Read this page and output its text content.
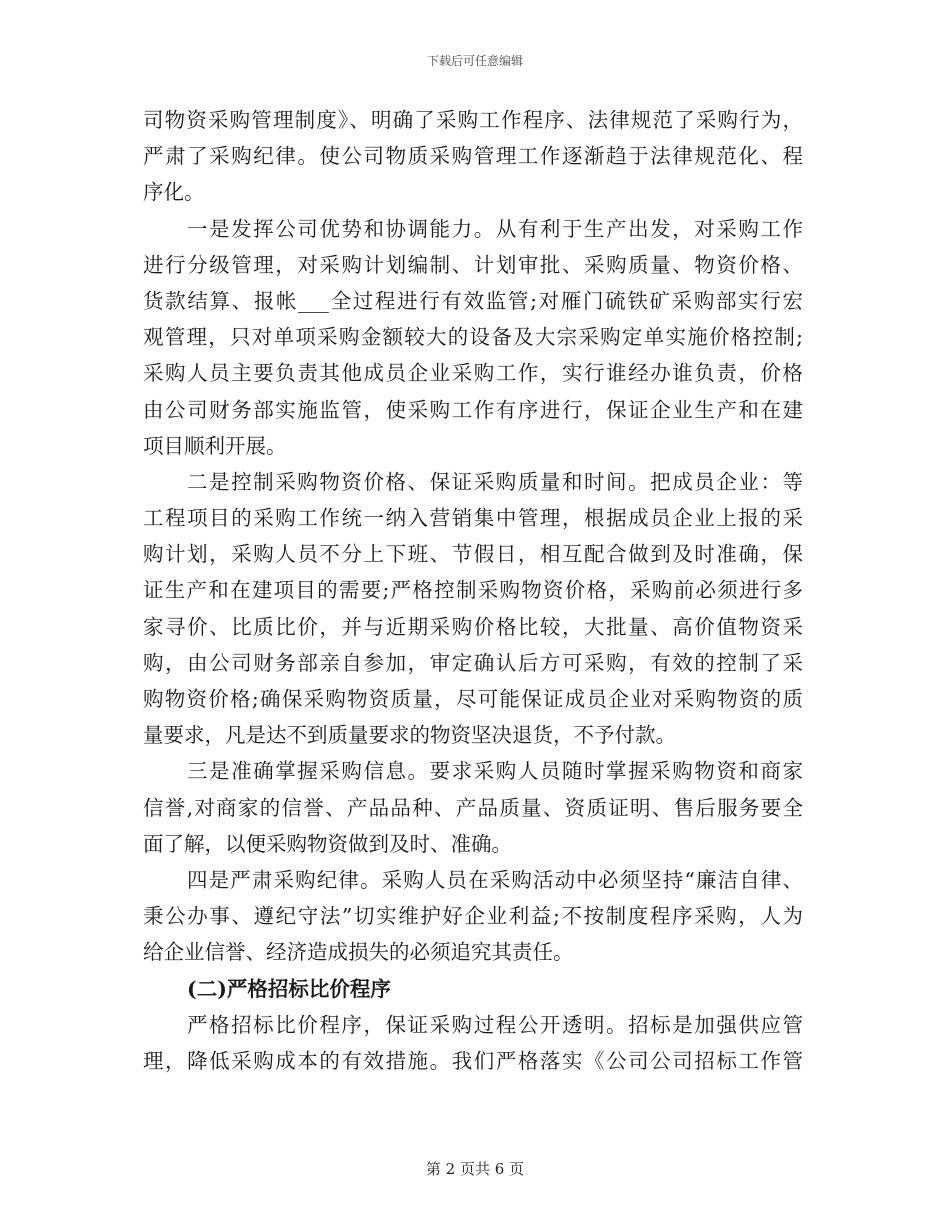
下载后可任意编辑
司物资采购管理制度》、明确了采购工作程序、法律规范了采购行为，
严肃了采购纪律。使公司物质采购管理工作逐渐趋于法律规范化、程
序化。
一是发挥公司优势和协调能力。从有利于生产出发，对采购工作
进行分级管理，对采购计划编制、计划审批、采购质量、物资价格、
货款结算、报帐___全过程进行有效监管;对雁门硫铁矿采购部实行宏
观管理，只对单项采购金额较大的设备及大宗采购定单实施价格控制;
采购人员主要负责其他成员企业采购工作，实行谁经办谁负责，价格
由公司财务部实施监管，使采购工作有序进行，保证企业生产和在建
项目顺利开展。
二是控制采购物资价格、保证采购质量和时间。把成员企业：等
工程项目的采购工作统一纳入营销集中管理，根据成员企业上报的采
购计划，采购人员不分上下班、节假日，相互配合做到及时准确，保
证生产和在建项目的需要;严格控制采购物资价格，采购前必须进行多
家寻价、比质比价，并与近期采购价格比较，大批量、高价值物资采
购，由公司财务部亲自参加，审定确认后方可采购，有效的控制了采
购物资价格;确保采购物资质量，尽可能保证成员企业对采购物资的质
量要求，凡是达不到质量要求的物资坚决退货，不予付款。
三是准确掌握采购信息。要求采购人员随时掌握采购物资和商家
信誉,对商家的信誉、产品品种、产品质量、资质证明、售后服务要全
面了解，以便采购物资做到及时、准确。
四是严肃采购纪律。采购人员在采购活动中必须坚持“廉洁自律、
秉公办事、遵纪守法”切实维护好企业利益;不按制度程序采购，人为
给企业信誉、经济造成损失的必须追究其责任。
(二)严格招标比价程序
严格招标比价程序，保证采购过程公开透明。招标是加强供应管
理，降低采购成本的有效措施。我们严格落实《公司公司招标工作管
第 2 页共 6 页
